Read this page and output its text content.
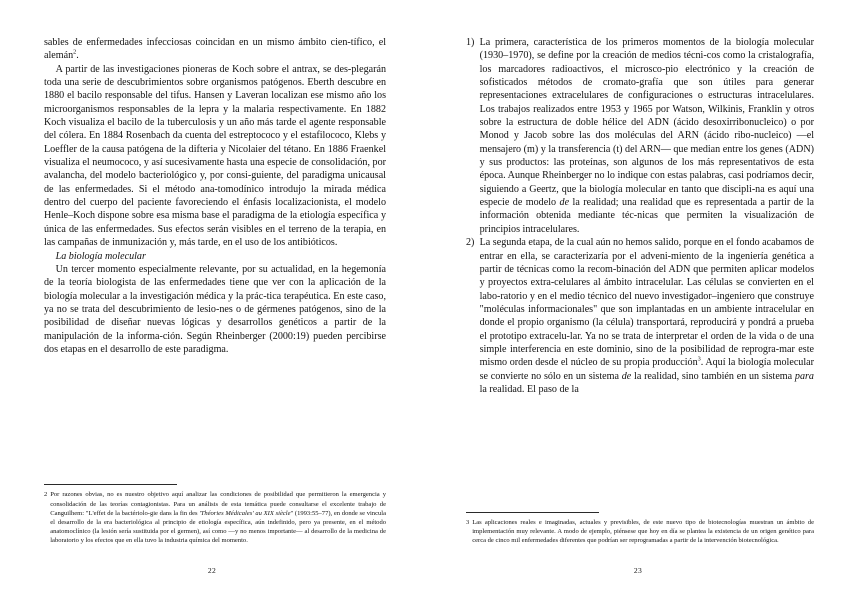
sables de enfermedades infecciosas coincidan en un mismo ámbito cien-tífico, el alemán$^2$.

A partir de las investigaciones pioneras de Koch sobre el antrax, se des-plegarán toda una serie de descubrimientos sobre organismos patógenos. Eberth descubre en 1880 el bacilo responsable del tifus. Hansen y Laveran localizan ese mismo año los microorganismos responsables de la lepra y la malaria respectivamente. En 1882 Koch visualiza el bacilo de la tuberculosis y un año más tarde el agente responsable del cólera. En 1884 Rosenbach da cuenta del estreptococo y el estafilococo, Klebs y Loeffler de la causa patógena de la difteria y Nicolaier del tétano. En 1886 Fraenkel visualiza el neumococo, y así sucesivamente hasta una especie de consolidación, por avalancha, del modelo bacteriológico y, por consi-guiente, del paradigma unicausal de las enfermedades. Si el método ana-tomodínico introdujo la mirada médica dentro del cuerpo del paciente favoreciendo el énfasis localizacionista, el modelo Henle–Koch dispone sobre esa misma base el paradigma de la etiología específica y única de las enfermedades. Sus efectos serán visibles en el terreno de la terapia, en las campañas de inmunización y, más tarde, en el uso de los antibióticos.

La biología molecular

Un tercer momento especialmente relevante, por su actualidad, en la hegemonía de la teoría biologista de las enfermedades tiene que ver con la aplicación de la biología molecular a la investigación médica y la prác-tica terapéutica. En este caso, ya no se trata del descubrimiento de lesio-nes o de gérmenes patógenos, sino de la posibilidad de diseñar nuevas lógicas y desarrollos genéticos a partir de la manipulación de la informa-ción. Según Rheinberger (2000:19) pueden percibirse dos etapas en el desarrollo de este paradigma.

2 Por razones obvias, no es nuestro objetivo aquí analizar las condiciones de posibilidad que permitieron la emergencia y consolidación de las teorías contagionistas. Para un análisis de esta temática puede consultarse el excelente trabajo de Canguilhem: "L'effet de la bactériolo-gie dans la fin des 'Théories Médicales' au XIX siècle" (1993:55–77), en donde se vincula el desarrollo de la era bacteriológica al principio de etiología específica, aún indefinido, pero ya presente, en el método anatomoclínico (la lesión sería sustituida por el germen), así como —y no menos importante— al desarrollo de la medicina de laboratorio y los efectos que en ella tuvo la industria química del momento.
22
1) La primera, característica de los primeros momentos de la biología molecular (1930–1970), se define por la creación de medios técni-cos como la cristalografía, los marcadores radioactivos, el microsco-pio electrónico y la creación de sofisticados métodos de cromato-grafía que son útiles para generar representaciones extracelulares de configuraciones o estructuras intracelulares. Los trabajos realizados entre 1953 y 1965 por Watson, Wilkinis, Franklin y otros sobre la estructura de doble hélice del ADN (ácido desoxirribonucleico) o por Monod y Jacob sobre las dos moléculas del ARN (ácido ribo-nucleico) —el mensajero (m) y la transferencia (t) del ARN— que median entre los genes (ADN) y sus productos: las proteínas, son algunos de los más representativos de esta época. Aunque Rheinberger no lo indique con estas palabras, casi podríamos decir, siguiendo a Geertz, que la biología molecular en tanto que discipli-na es aquí una especie de modelo de la realidad; una realidad que es representada a partir de la información obtenida mediante téc-nicas que permiten la visualización de principios intracelulares.
2) La segunda etapa, de la cual aún no hemos salido, porque en el fondo acabamos de entrar en ella, se caracterizaría por el adveni-miento de la ingeniería genética a partir de técnicas como la recom-binación del ADN que permiten aplicar modelos y proyectos extra-celulares al ámbito intracelular. Las células se convierten en el labo-ratorio y en el medio técnico del nuevo investigador–ingeniero que construye "moléculas informacionales" que son implantadas en un ambiente intracelular en donde el propio organismo (la célula) transportará, reproducirá y pondrá a prueba el prototipo extracelu-lar. Ya no se trata de interpretar el orden de la vida o de una simple interferencia en este dominio, sino de la posibilidad de reprogra-mar este mismo orden desde el núcleo de su propia producción$^3$. Aquí la biología molecular se convierte no sólo en un sistema de la realidad, sino también en un sistema para la realidad. El paso de la
3 Las aplicaciones reales e imaginadas, actuales y previsibles, de este nuevo tipo de biotecnologías muestran un ámbito de implementación muy relevante. A modo de ejemplo, piénsese que hoy en día se plantea la existencia de un origen genético para cerca de cinco mil enfermedades diferentes que podrían ser reprogramadas a partir de la intervención biotecnológica.
23
